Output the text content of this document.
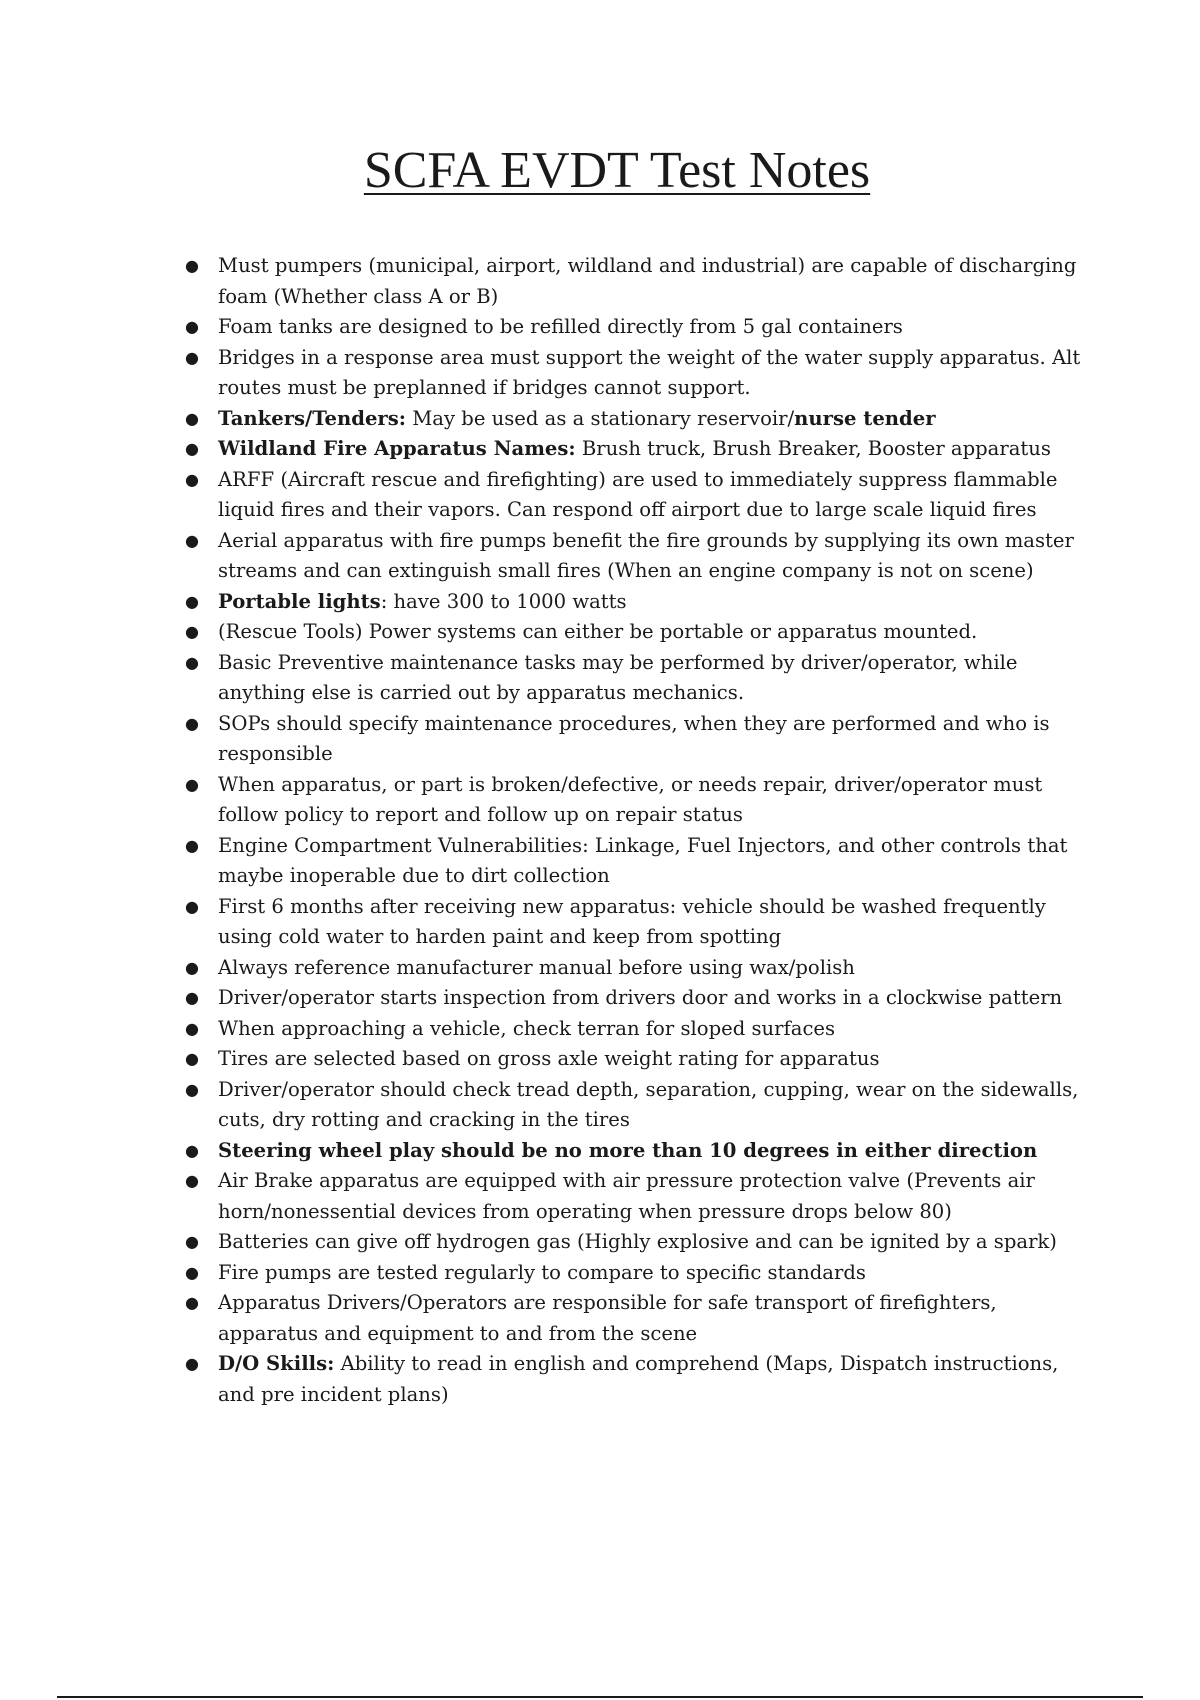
SCFA EVDT Test Notes
● Must pumpers (municipal, airport, wildland and industrial) are capable of discharging foam (Whether class A or B)
● Foam tanks are designed to be refilled directly from 5 gal containers
● Bridges in a response area must support the weight of the water supply apparatus. Alt routes must be preplanned if bridges cannot support.
● Tankers/Tenders: May be used as a stationary reservoir/nurse tender
● Wildland Fire Apparatus Names: Brush truck, Brush Breaker, Booster apparatus
● ARFF (Aircraft rescue and firefighting) are used to immediately suppress flammable liquid fires and their vapors. Can respond off airport due to large scale liquid fires
● Aerial apparatus with fire pumps benefit the fire grounds by supplying its own master streams and can extinguish small fires (When an engine company is not on scene)
● Portable lights: have 300 to 1000 watts
● (Rescue Tools) Power systems can either be portable or apparatus mounted.
● Basic Preventive maintenance tasks may be performed by driver/operator, while anything else is carried out by apparatus mechanics.
● SOPs should specify maintenance procedures, when they are performed and who is responsible
● When apparatus, or part is broken/defective, or needs repair, driver/operator must follow policy to report and follow up on repair status
● Engine Compartment Vulnerabilities: Linkage, Fuel Injectors, and other controls that maybe inoperable due to dirt collection
● First 6 months after receiving new apparatus: vehicle should be washed frequently using cold water to harden paint and keep from spotting
● Always reference manufacturer manual before using wax/polish
● Driver/operator starts inspection from drivers door and works in a clockwise pattern
● When approaching a vehicle, check terran for sloped surfaces
● Tires are selected based on gross axle weight rating for apparatus
● Driver/operator should check tread depth, separation, cupping, wear on the sidewalls, cuts, dry rotting and cracking in the tires
● Steering wheel play should be no more than 10 degrees in either direction
● Air Brake apparatus are equipped with air pressure protection valve (Prevents air horn/nonessential devices from operating when pressure drops below 80)
● Batteries can give off hydrogen gas (Highly explosive and can be ignited by a spark)
● Fire pumps are tested regularly to compare to specific standards
● Apparatus Drivers/Operators are responsible for safe transport of firefighters, apparatus and equipment to and from the scene
● D/O Skills: Ability to read in english and comprehend (Maps, Dispatch instructions, and pre incident plans)
